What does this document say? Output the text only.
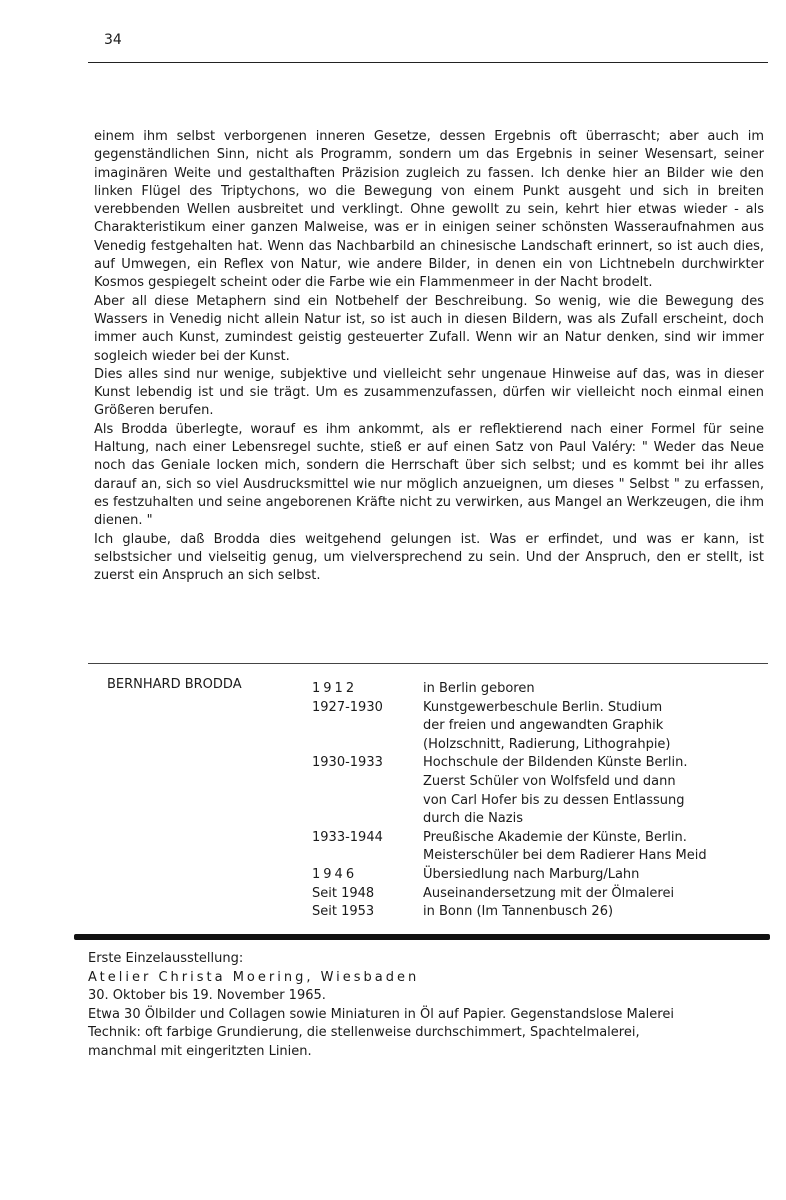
34

einem ihm selbst verborgenen inneren Gesetze, dessen Ergebnis oft überrascht; aber auch im gegenständlichen Sinn, nicht als Programm, sondern um das Ergebnis in seiner Wesensart, seiner imaginären Weite und gestalthaften Präzision zugleich zu fassen. Ich denke hier an Bilder wie den linken Flügel des Triptychons, wo die Bewegung von einem Punkt ausgeht und sich in breiten verebbenden Wellen ausbreitet und verklingt. Ohne gewollt zu sein, kehrt hier etwas wieder - als Charakteristikum einer ganzen Malweise, was er in einigen seiner schönsten Wasseraufnahmen aus Venedig festgehalten hat. Wenn das Nachbarbild an chinesische Landschaft erinnert, so ist auch dies, auf Umwegen, ein Reflex von Natur, wie andere Bilder, in denen ein von Lichtnebeln durchwirkter Kosmos gespiegelt scheint oder die Farbe wie ein Flammenmeer in der Nacht brodelt.

Aber all diese Metaphern sind ein Notbehelf der Beschreibung. So wenig, wie die Bewegung des Wassers in Venedig nicht allein Natur ist, so ist auch in diesen Bildern, was als Zufall erscheint, doch immer auch Kunst, zumindest geistig gesteuerter Zufall. Wenn wir an Natur denken, sind wir immer sogleich wieder bei der Kunst.

Dies alles sind nur wenige, subjektive und vielleicht sehr ungenaue Hinweise auf das, was in dieser Kunst lebendig ist und sie trägt. Um es zusammenzufassen, dürfen wir vielleicht noch einmal einen Größeren berufen.

Als Brodda überlegte, worauf es ihm ankommt, als er reflektierend nach einer Formel für seine Haltung, nach einer Lebensregel suchte, stieß er auf einen Satz von Paul Valéry: " Weder das Neue noch das Geniale locken mich, sondern die Herrschaft über sich selbst; und es kommt bei ihr alles darauf an, sich so viel Ausdrucksmittel wie nur möglich anzueignen, um dieses " Selbst " zu erfassen, es festzuhalten und seine angeborenen Kräfte nicht zu verwirken, aus Mangel an Werkzeugen, die ihm dienen. "

Ich glaube, daß Brodda dies weitgehend gelungen ist. Was er erfindet, und was er kann, ist selbstsicher und vielseitig genug, um vielversprechend zu sein. Und der Anspruch, den er stellt, ist zuerst ein Anspruch an sich selbst.

BERNHARD BRODDA	1912	in Berlin geboren
1927-1930	Kunstgewerbeschule Berlin. Studium
der freien und angewandten Graphik
(Holzschnitt, Radierung, Lithograhpie)
1930-1933	Hochschule der Bildenden Künste Berlin.
Zuerst Schüler von Wolfsfeld und dann
von Carl Hofer bis zu dessen Entlassung
durch die Nazis
1933-1944	Preußische Akademie der Künste, Berlin.
Meisterschüler bei dem Radierer Hans Meid
1946	Übersiedlung nach Marburg/Lahn
Seit 1948	Auseinandersetzung mit der Ölmalerei
Seit 1953	in Bonn (Im Tannenbusch 26)
Erste Einzelausstellung:
Atelier Christa Moering, Wiesbaden
30. Oktober bis 19. November 1965.
Etwa 30 Ölbilder und Collagen sowie Miniaturen in Öl auf Papier. Gegenstandslose Malerei
Technik: oft farbige Grundierung, die stellenweise durchschimmert, Spachtelmalerei,
manchmal mit eingeritzten Linien.
